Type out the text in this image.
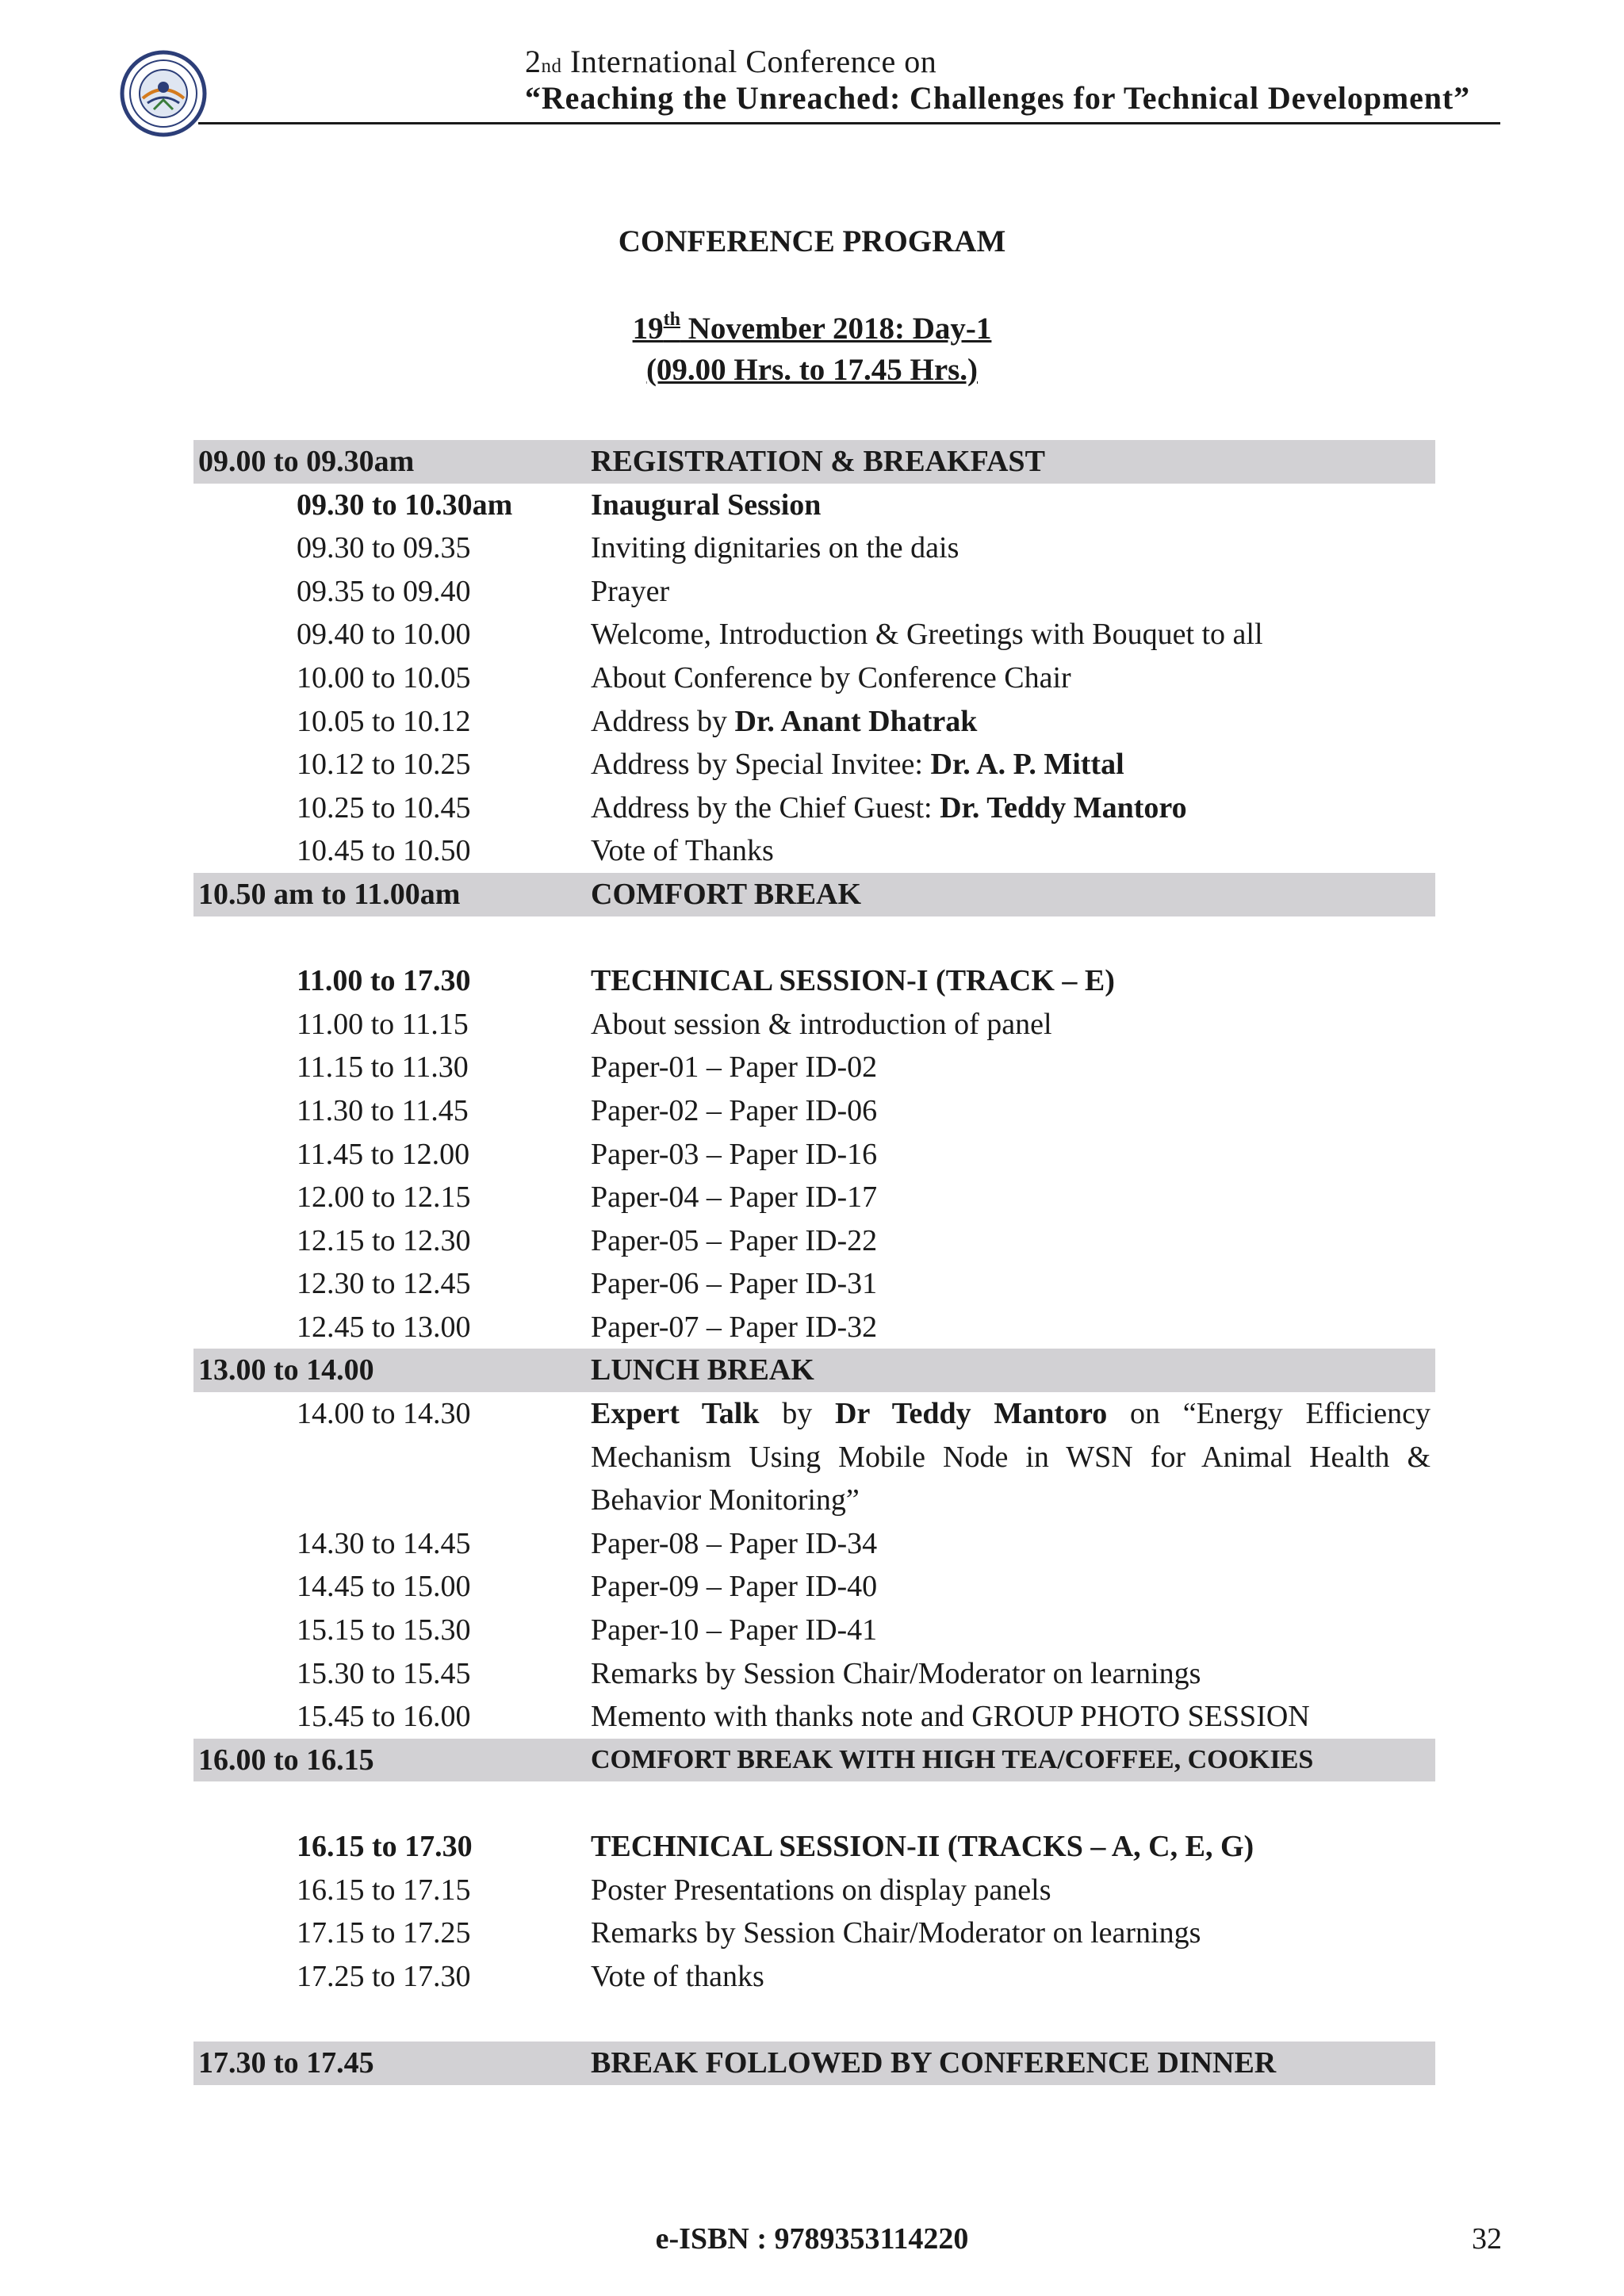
2nd International Conference on
“Reaching the Unreached: Challenges for Technical Development”
CONFERENCE PROGRAM
19th November 2018: Day-1
(09.00 Hrs. to 17.45 Hrs.)
09.00 to 09.30am	REGISTRATION & BREAKFAST
09.30 to 10.30am	Inaugural Session
09.30 to 09.35	Inviting dignitaries on the dais
09.35 to 09.40	Prayer
09.40 to 10.00	Welcome, Introduction & Greetings with Bouquet to all
10.00 to 10.05	About Conference by Conference Chair
10.05 to 10.12	Address by Dr. Anant Dhatrak
10.12 to 10.25	Address by Special Invitee: Dr. A. P. Mittal
10.25 to 10.45	Address by the Chief Guest: Dr. Teddy Mantoro
10.45 to 10.50	Vote of Thanks
10.50 am to 11.00am	COMFORT BREAK
11.00 to 17.30	TECHNICAL SESSION-I (TRACK – E)
11.00 to 11.15	About session & introduction of panel
11.15 to 11.30	Paper-01 – Paper ID-02
11.30 to 11.45	Paper-02 – Paper ID-06
11.45 to 12.00	Paper-03 – Paper ID-16
12.00 to 12.15	Paper-04 – Paper ID-17
12.15 to 12.30	Paper-05 – Paper ID-22
12.30 to 12.45	Paper-06 – Paper ID-31
12.45 to 13.00	Paper-07 – Paper ID-32
13.00 to 14.00	LUNCH BREAK
14.00 to 14.30	Expert Talk by Dr Teddy Mantoro on “Energy Efficiency Mechanism Using Mobile Node in WSN for Animal Health & Behavior Monitoring”
14.30 to 14.45	Paper-08 – Paper ID-34
14.45 to 15.00	Paper-09 – Paper ID-40
15.15 to 15.30	Paper-10 – Paper ID-41
15.30 to 15.45	Remarks by Session Chair/Moderator on learnings
15.45 to 16.00	Memento with thanks note and GROUP PHOTO SESSION
16.00 to 16.15	COMFORT BREAK WITH HIGH TEA/COFFEE, COOKIES
16.15 to 17.30	TECHNICAL SESSION-II (TRACKS – A, C, E, G)
16.15 to 17.15	Poster Presentations on display panels
17.15 to 17.25	Remarks by Session Chair/Moderator on learnings
17.25 to 17.30	Vote of thanks
17.30 to 17.45	BREAK FOLLOWED BY CONFERENCE DINNER
e-ISBN : 9789353114220	32
